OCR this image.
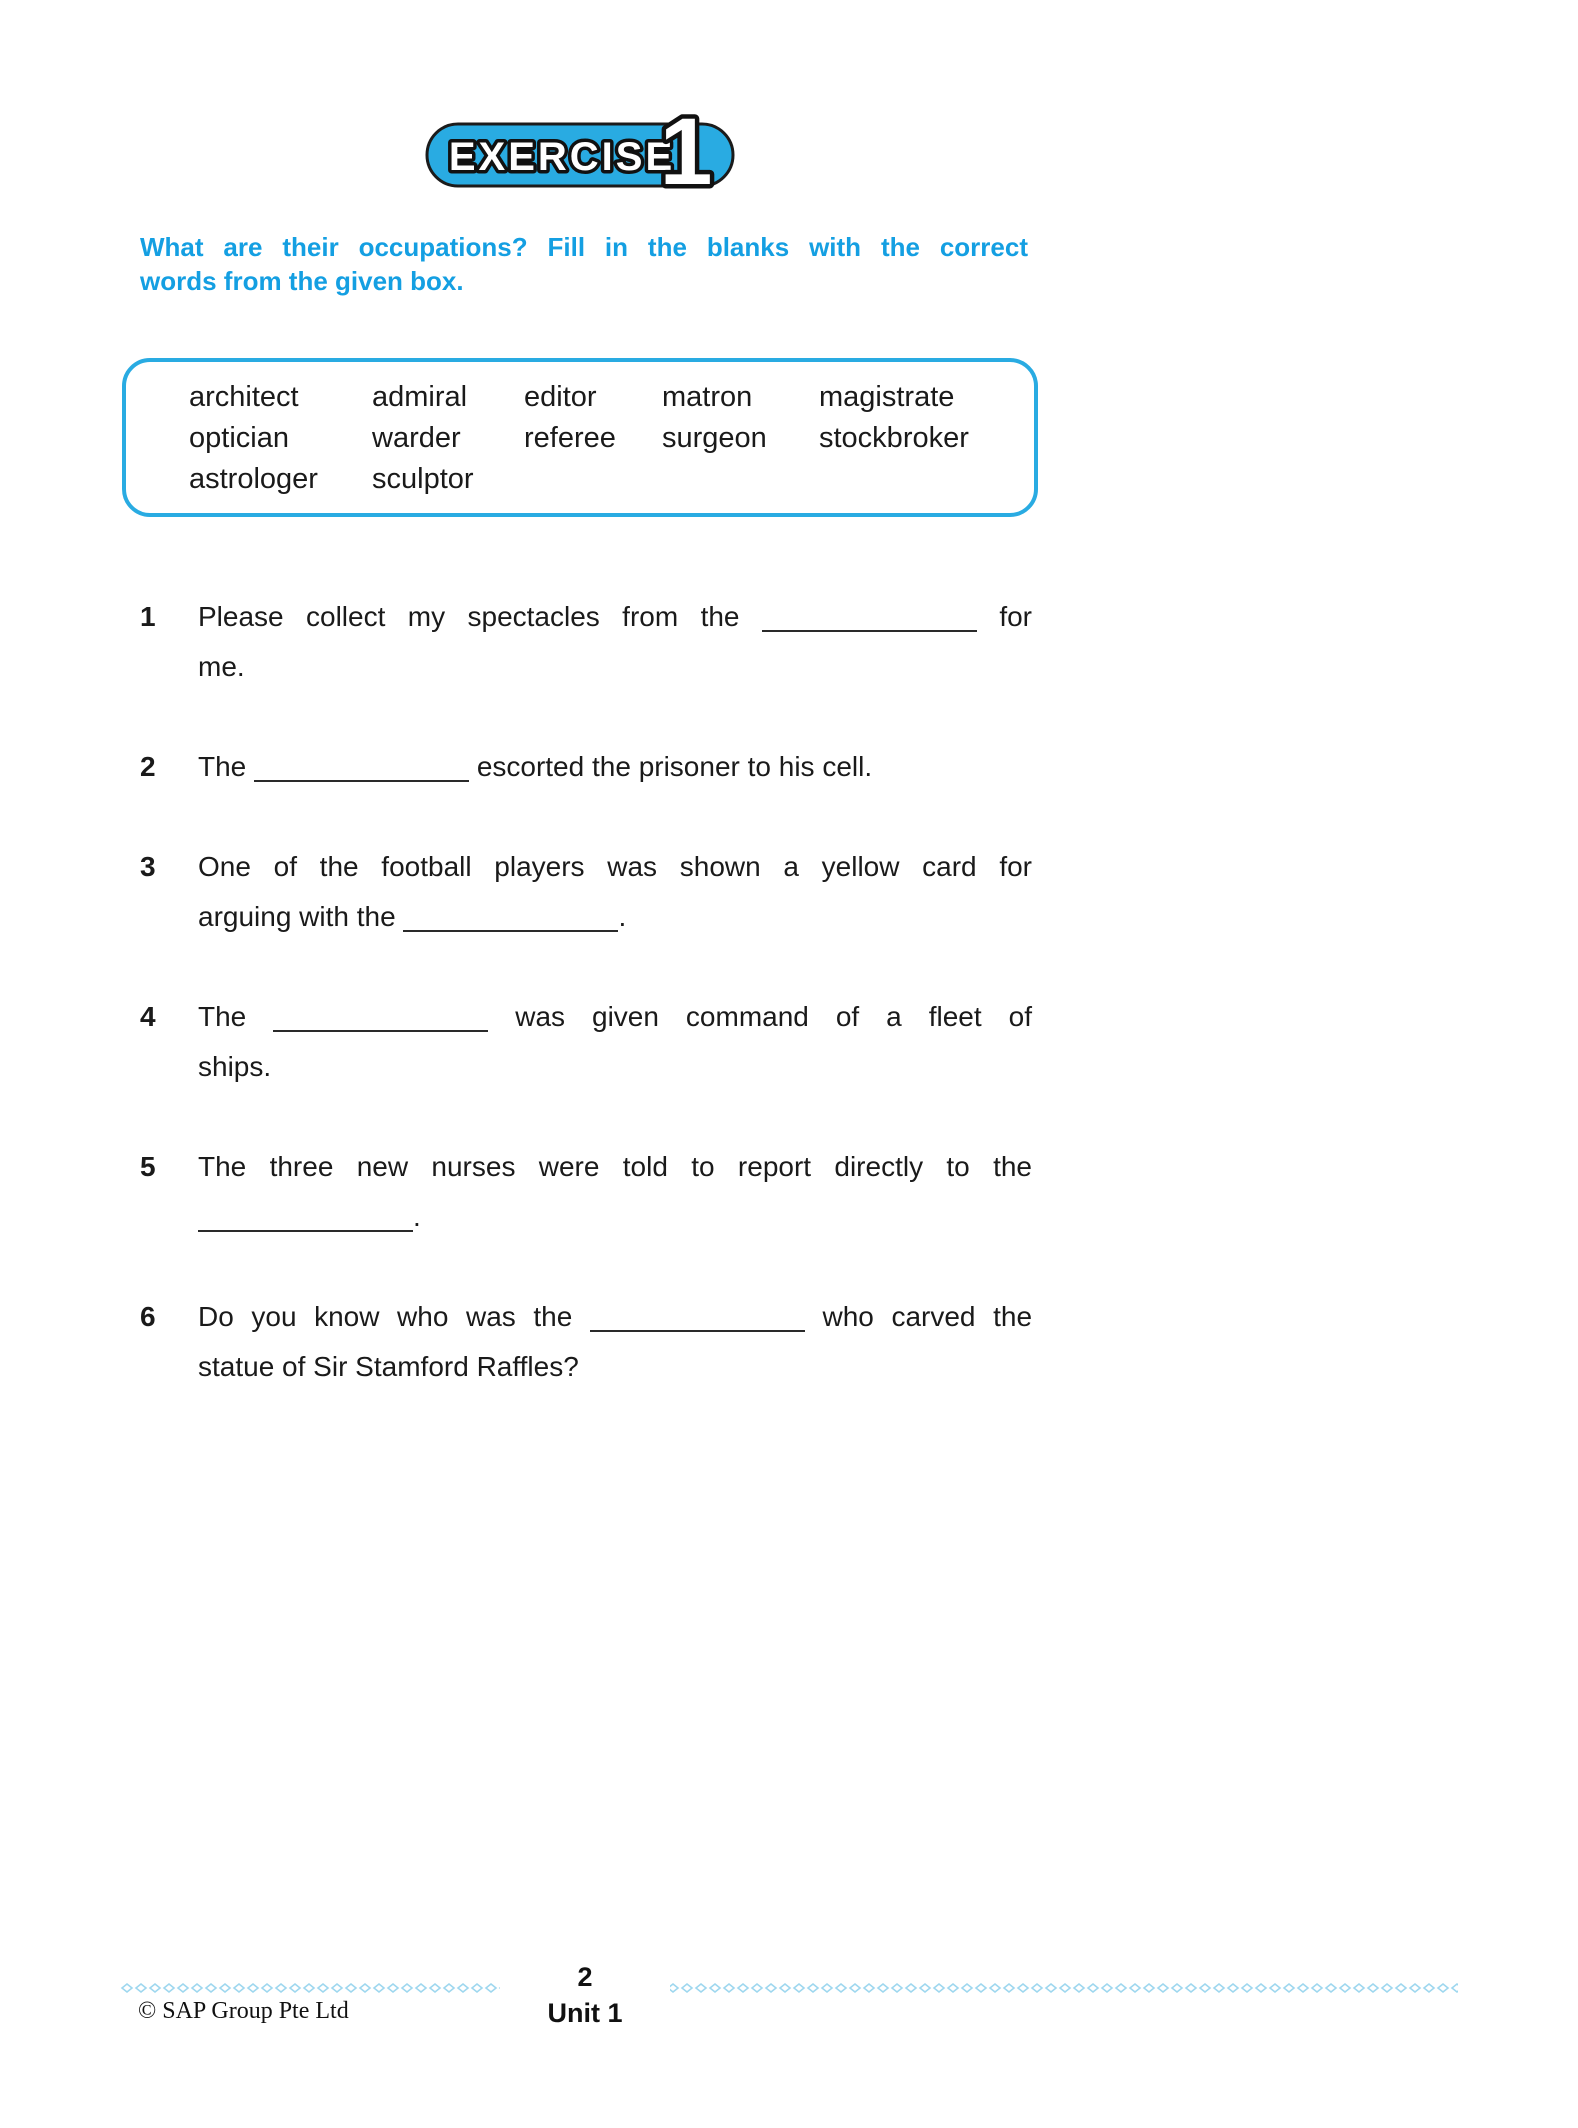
EXERCISE
1
What are their occupations? Fill in the blanks with the correct
words from the given box.
architect	admiral	editor	matron	magistrate
optician	warder	referee	surgeon	stockbroker
astrologer	sculptor
1	Please collect my spectacles from the	for
me.
2	The	escorted the prisoner to his cell.
3	One of the football players was shown a yellow card for
arguing with the	.
4	The	was given command of a fleet of
ships.
5	The three new nurses were told to report directly to the
.
6	Do you know who was the	who carved the
statue of Sir Stamford Raffles?
© SAP Group Pte Ltd
2
Unit 1
